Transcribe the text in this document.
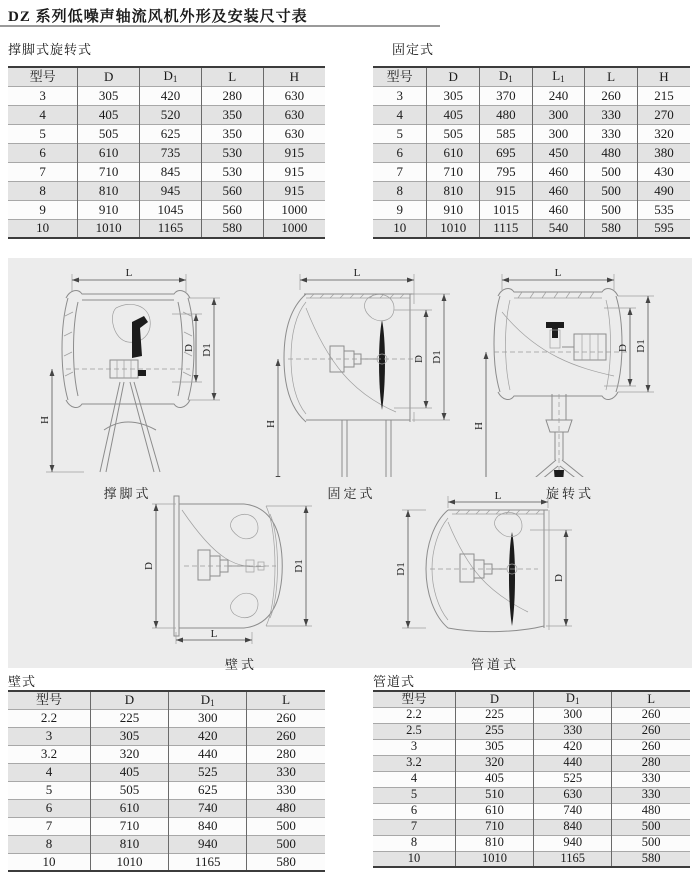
DZ 系列低噪声轴流风机外形及安装尺寸表
撑脚式旋转式	固定式
型号	D	$D_1$	L	H
3	305	420	280	630
4	405	520	350	630
5	505	625	350	630
6	610	735	530	915
7	710	845	530	915
8	810	945	560	915
9	910	1045	560	1000
10	1010	1165	580	1000
型号	D	$D_1$	$L_1$	L	H
3	305	370	240	260	215
4	405	480	300	330	270
5	505	585	300	330	320
6	610	695	450	480	380
7	710	795	460	500	430
8	810	915	460	500	490
9	910	1015	460	500	535
10	1010	1115	540	580	595
L
D D1
H
撑脚式
L
D D1
H
固定式
L
D D1
H
旋转式
D	D1
L
壁式
L
D1
D
管道式
壁式	管道式
型号	D	$D_1$	L
2.2	225	300	260
3	305	420	260
3.2	320	440	280
4	405	525	330
5	505	625	330
6	610	740	480
7	710	840	500
8	810	940	500
10	1010	1165	580
型号	D	$D_1$	L
2.2	225	300	260
2.5	255	330	260
3	305	420	260
3.2	320	440	280
4	405	525	330
5	510	630	330
6	610	740	480
7	710	840	500
8	810	940	500
10	1010	1165	580
